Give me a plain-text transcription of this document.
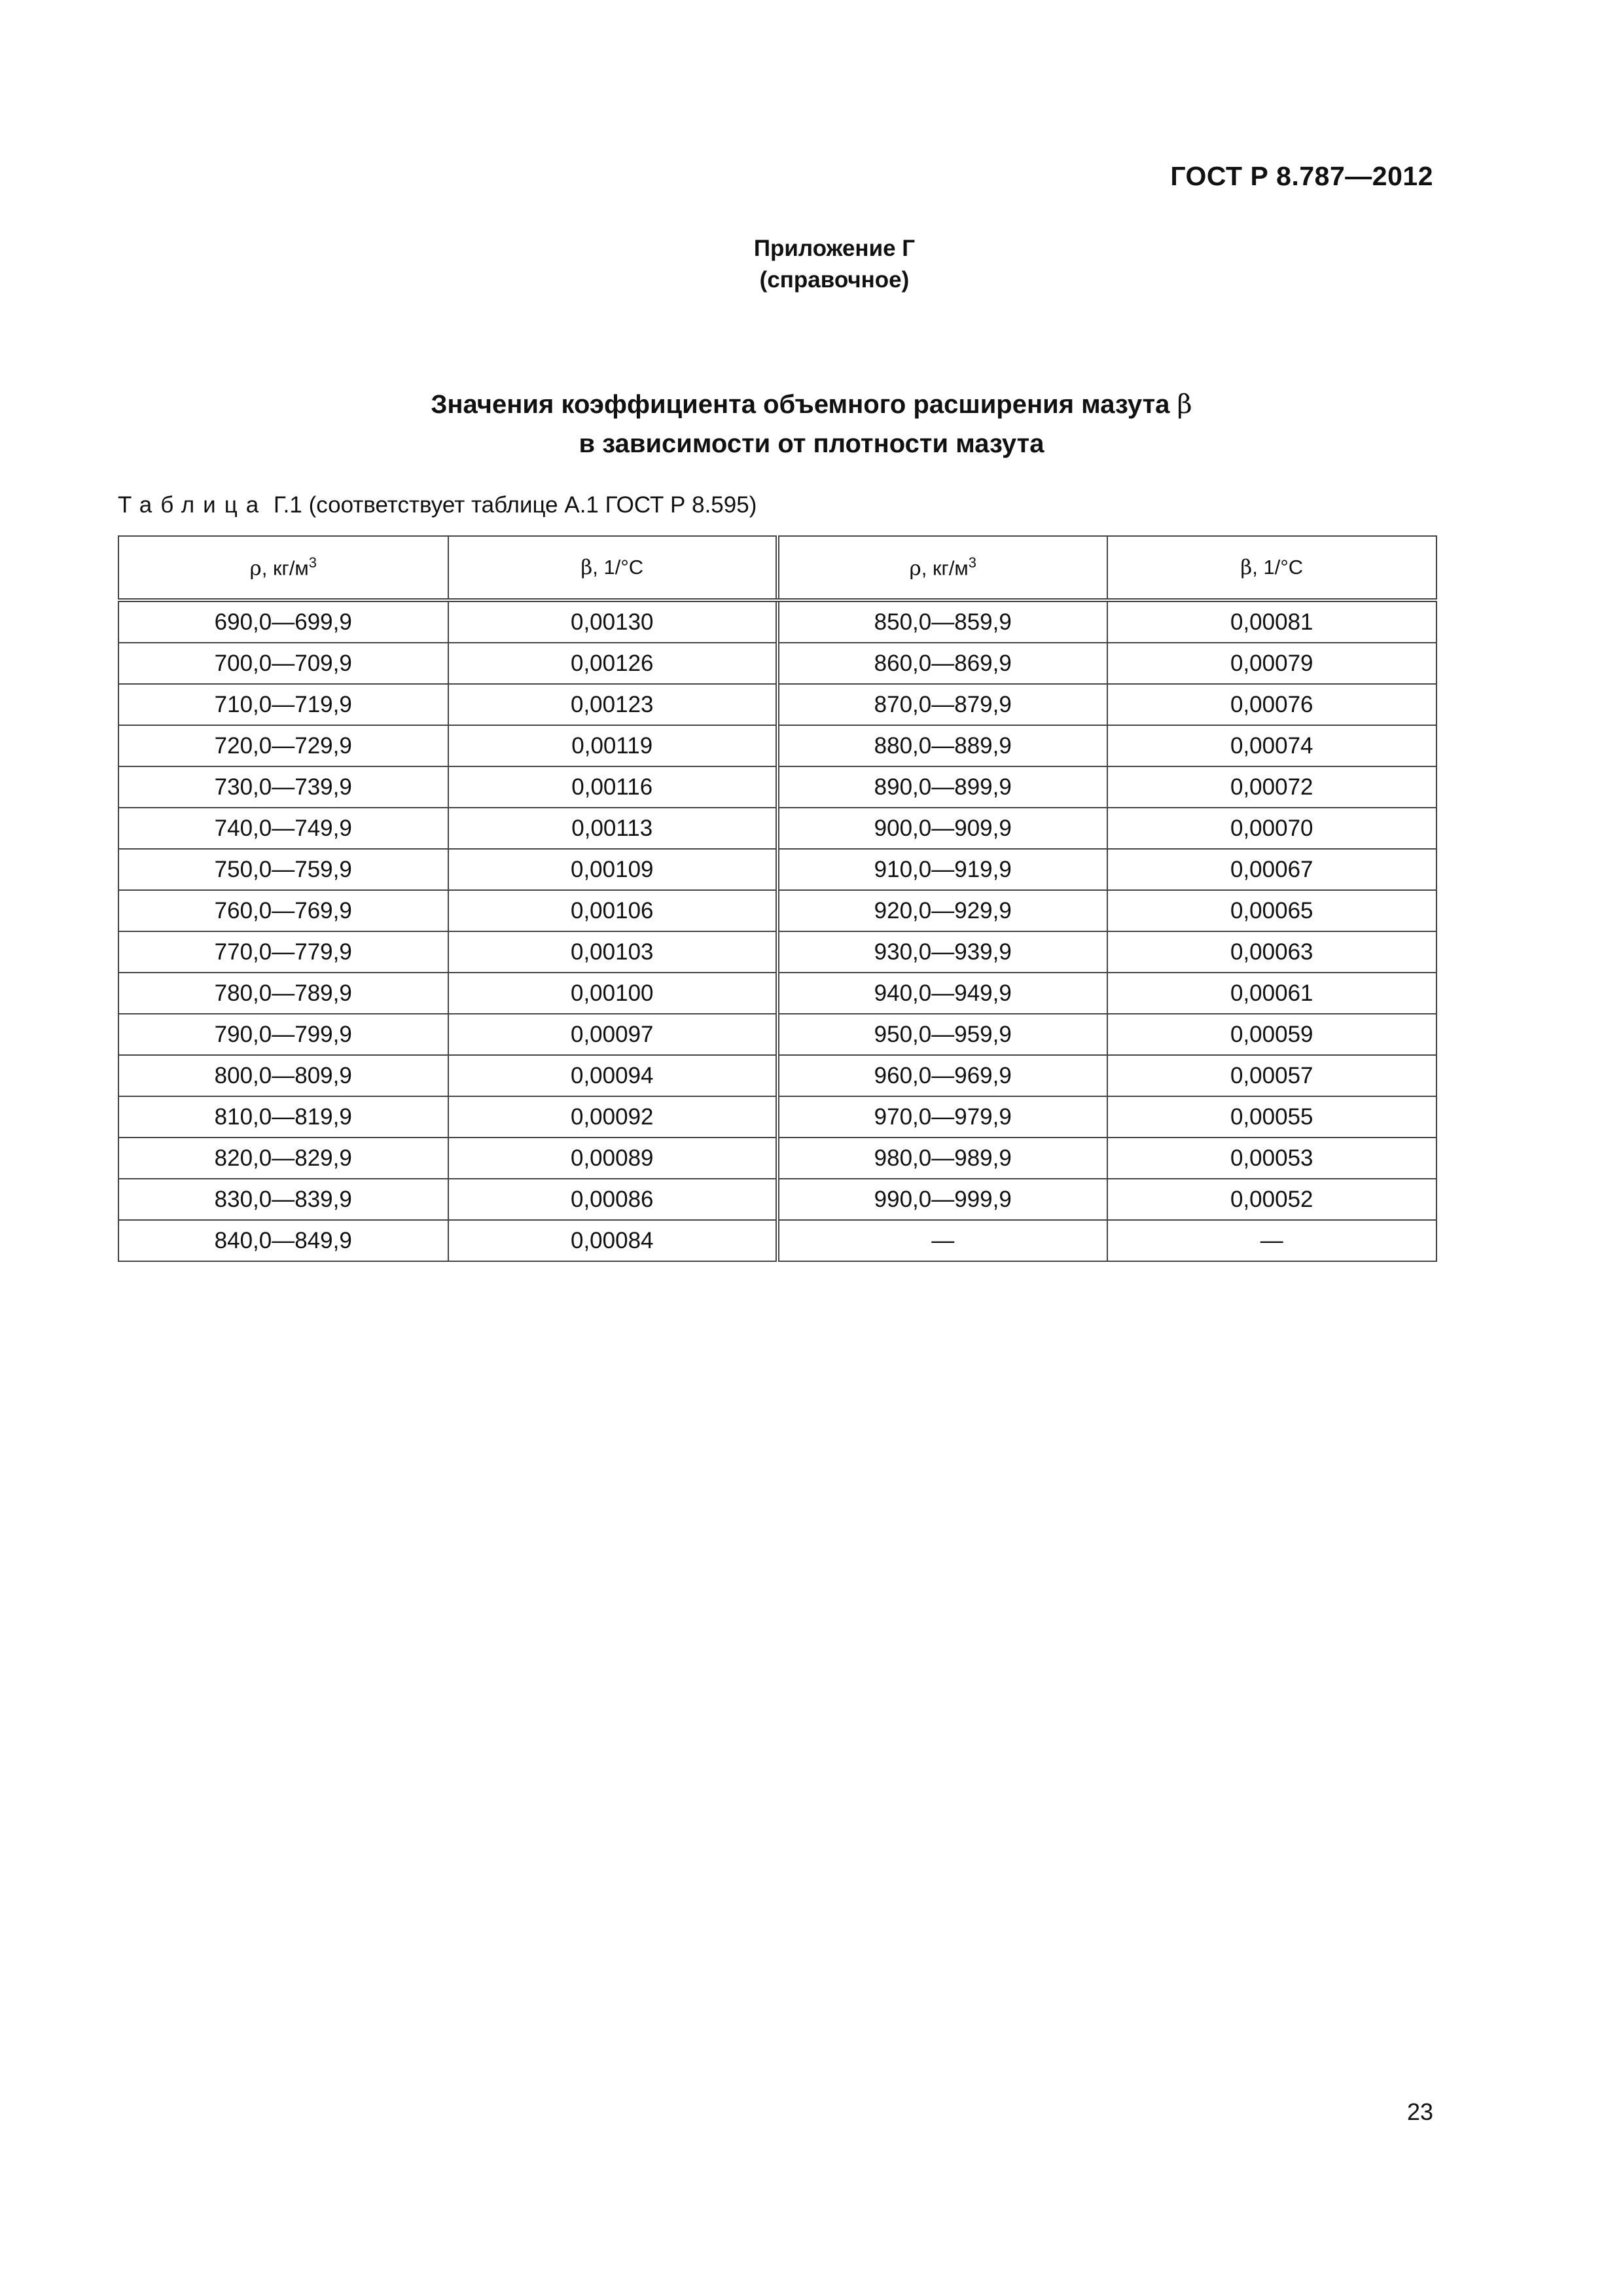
ГОСТ Р 8.787—2012
Приложение Г
(справочное)
Значения коэффициента объемного расширения мазута β
в зависимости от плотности мазута
Таблица Г.1 (соответствует таблице А.1 ГОСТ Р 8.595)
ρ, $кг/м^3$	β, 1/°C	ρ, $кг/м^3$	β, 1/°C
690,0—699,9	0,00130	850,0—859,9	0,00081
700,0—709,9	0,00126	860,0—869,9	0,00079
710,0—719,9	0,00123	870,0—879,9	0,00076
720,0—729,9	0,00119	880,0—889,9	0,00074
730,0—739,9	0,00116	890,0—899,9	0,00072
740,0—749,9	0,00113	900,0—909,9	0,00070
750,0—759,9	0,00109	910,0—919,9	0,00067
760,0—769,9	0,00106	920,0—929,9	0,00065
770,0—779,9	0,00103	930,0—939,9	0,00063
780,0—789,9	0,00100	940,0—949,9	0,00061
790,0—799,9	0,00097	950,0—959,9	0,00059
800,0—809,9	0,00094	960,0—969,9	0,00057
810,0—819,9	0,00092	970,0—979,9	0,00055
820,0—829,9	0,00089	980,0—989,9	0,00053
830,0—839,9	0,00086	990,0—999,9	0,00052
840,0—849,9	0,00084	—	—
23
